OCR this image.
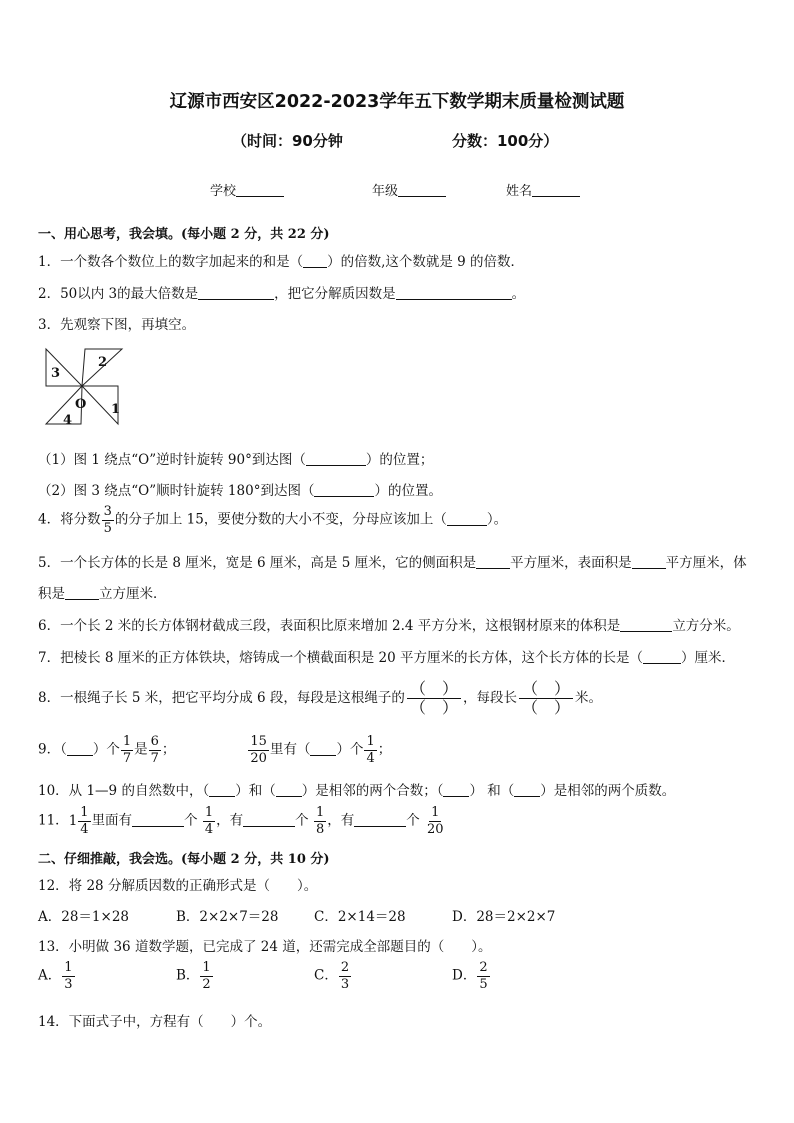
辽源市西安区2022-2023学年五下数学期末质量检测试题
（时间：90分钟	分数：100分）
学校	年级	姓名
一、用心思考，我会填。(每小题 2 分，共 22 分)
1．一个数各个数位上的数字加起来的和是（ ）的倍数,这个数就是 9 的倍数．
2．50以内 3的最大倍数是	，把它分解质因数是	。
3．先观察下图，再填空。
2
3
O 1
4
（1）图 1 绕点“O”逆时针旋转 90°到达图（	）的位置；
（2）图 3 绕点“O”顺时针旋转 180°到达图（	）的位置。
4．将分数 $\frac{3}{5}$ 的分子加上 15，要使分数的大小不变，分母应该加上（	）。
5．一个长方体的长是 8 厘米，宽是 6 厘米，高是 5 厘米，它的侧面积是	平方厘米，表面积是	平方厘米，体
积是	立方厘米．
6．一个长 2 米的长方体钢材截成三段，表面积比原来增加 2.4 平方分米，这根钢材原来的体积是	立方分米。
7．把棱长 8 厘米的正方体铁块，熔铸成一个横截面积是 20 平方厘米的长方体，这个长方体的长是（	）厘米．
8．一根绳子长 5 米，把它平均分成 6 段，每段是这根绳子的 （　）
（　） ，每段长 （　）
（　） 米。
9．（ ）个 $\frac{1}{7}$ 是 $\frac{6}{7}$ ；	$\frac{15}{20}$ 里有（ ）个 $\frac{1}{4}$ ；
10．从 1—9 的自然数中，（ ）和（ ）是相邻的两个合数；（ ） 和（ ）是相邻的两个质数。
11． $1 \frac{1}{4}$ 里面有	个 $\frac{1}{4}$ ，有	个 $\frac{1}{8}$ ，有	个 $\frac{1}{20}$
二、仔细推敲，我会选。(每小题 2 分，共 10 分)
12．将 28 分解质因数的正确形式是（　　）。
A．28＝1×28	B．2×2×7＝28	C．2×14＝28	D．28＝2×2×7
13．小明做 36 道数学题，已完成了 24 道，还需完成全部题目的（　　）。
A． $\frac{1}{3}$	B． $\frac{1}{2}$	C． $\frac{2}{3}$	D． $\frac{2}{5}$
14．下面式子中，方程有（　　）个。
